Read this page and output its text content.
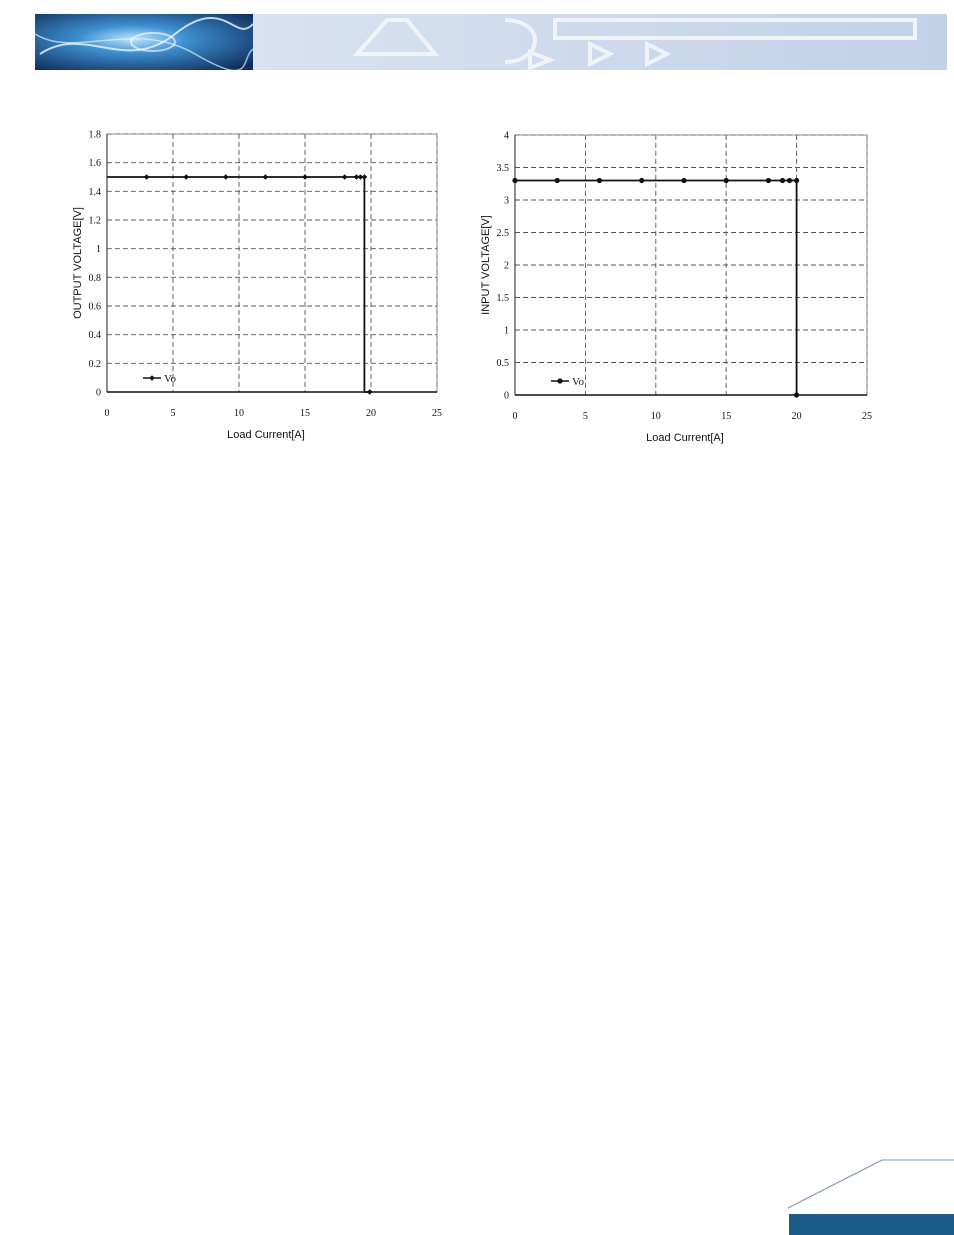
0
0.2
0.4
0.6
0.8
1
1.2
1.4
1.6
1.8
0	5	10	15	20	25
Load Current[A]
OUTPUT VOLTAGE[V]
Vo
0
0.5
1
1.5
2
2.5
3
3.5
4
0	5	10	15	20	25
Load Current[A]
INPUT VOLTAGE[V]
Vo
